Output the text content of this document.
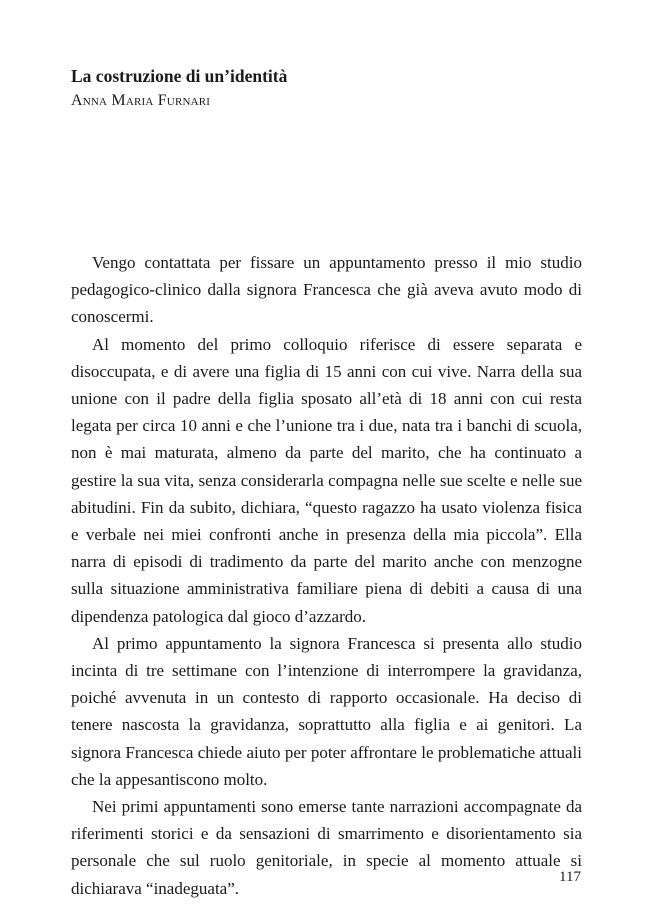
La costruzione di un’identità

Anna Maria Furnari

Vengo contattata per fissare un appuntamento presso il mio studio pedagogico-clinico dalla signora Francesca che già aveva avuto modo di conoscermi.

Al momento del primo colloquio riferisce di essere separata e disoccupata, e di avere una figlia di 15 anni con cui vive. Narra della sua unione con il padre della figlia sposato all’età di 18 anni con cui resta legata per circa 10 anni e che l’unione tra i due, nata tra i banchi di scuola, non è mai maturata, almeno da parte del marito, che ha continuato a gestire la sua vita, senza considerarla compagna nelle sue scelte e nelle sue abitudini. Fin da subito, dichiara, “questo ragazzo ha usato violenza fisica e verbale nei miei confronti anche in presenza della mia piccola”. Ella narra di episodi di tradimento da parte del marito anche con menzogne sulla situazione amministrativa familiare piena di debiti a causa di una dipendenza patologica dal gioco d’azzardo.

Al primo appuntamento la signora Francesca si presenta allo studio incinta di tre settimane con l’intenzione di interrompere la gravidanza, poiché avvenuta in un contesto di rapporto occasionale. Ha deciso di tenere nascosta la gravidanza, soprattutto alla figlia e ai genitori. La signora Francesca chiede aiuto per poter affrontare le problematiche attuali che la appesantiscono molto.

Nei primi appuntamenti sono emerse tante narrazioni accompagnate da riferimenti storici e da sensazioni di smarrimento e disorientamento sia personale che sul ruolo genitoriale, in specie al momento attuale si dichiarava “inadeguata”.

117
